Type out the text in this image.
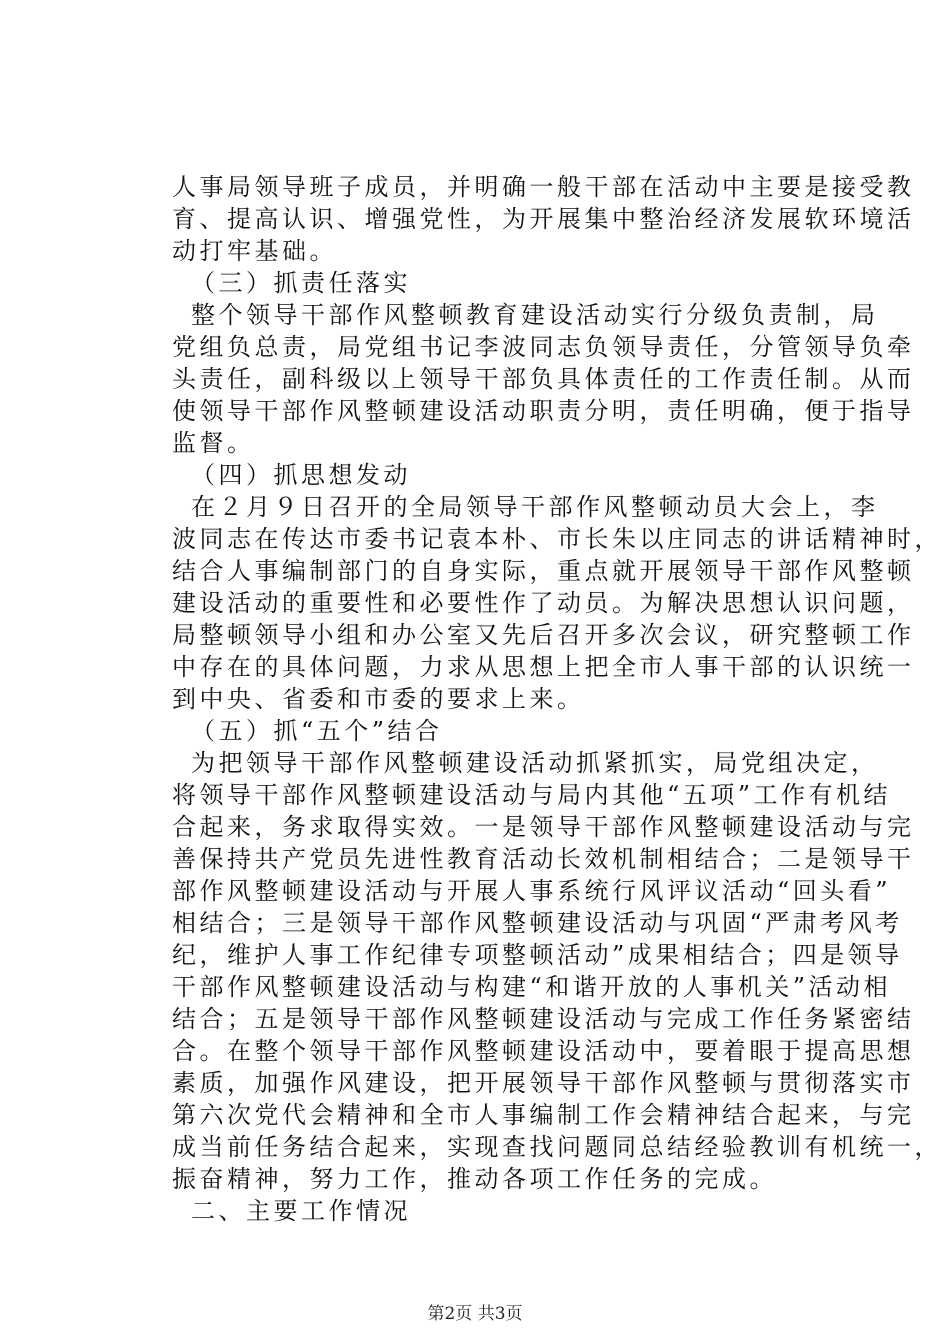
人事局领导班子成员，并明确一般干部在活动中主要是接受教
育、提高认识、增强党性，为开展集中整治经济发展软环境活
动打牢基础。
（三）抓责任落实
整个领导干部作风整顿教育建设活动实行分级负责制，局
党组负总责，局党组书记李波同志负领导责任，分管领导负牵
头责任，副科级以上领导干部负具体责任的工作责任制。从而
使领导干部作风整顿建设活动职责分明，责任明确，便于指导
监督。
（四）抓思想发动
在２月９日召开的全局领导干部作风整顿动员大会上，李
波同志在传达市委书记袁本朴、市长朱以庄同志的讲话精神时，
结合人事编制部门的自身实际，重点就开展领导干部作风整顿
建设活动的重要性和必要性作了动员。为解决思想认识问题，
局整顿领导小组和办公室又先后召开多次会议，研究整顿工作
中存在的具体问题，力求从思想上把全市人事干部的认识统一
到中央、省委和市委的要求上来。
（五）抓“五个”结合
为把领导干部作风整顿建设活动抓紧抓实，局党组决定，
将领导干部作风整顿建设活动与局内其他“五项”工作有机结
合起来，务求取得实效。一是领导干部作风整顿建设活动与完
善保持共产党员先进性教育活动长效机制相结合；二是领导干
部作风整顿建设活动与开展人事系统行风评议活动“回头看”
相结合；三是领导干部作风整顿建设活动与巩固“严肃考风考
纪，维护人事工作纪律专项整顿活动”成果相结合；四是领导
干部作风整顿建设活动与构建“和谐开放的人事机关”活动相
结合；五是领导干部作风整顿建设活动与完成工作任务紧密结
合。在整个领导干部作风整顿建设活动中，要着眼于提高思想
素质，加强作风建设，把开展领导干部作风整顿与贯彻落实市
第六次党代会精神和全市人事编制工作会精神结合起来，与完
成当前任务结合起来，实现查找问题同总结经验教训有机统一，
振奋精神，努力工作，推动各项工作任务的完成。
二、主要工作情况
第2页 共3页
